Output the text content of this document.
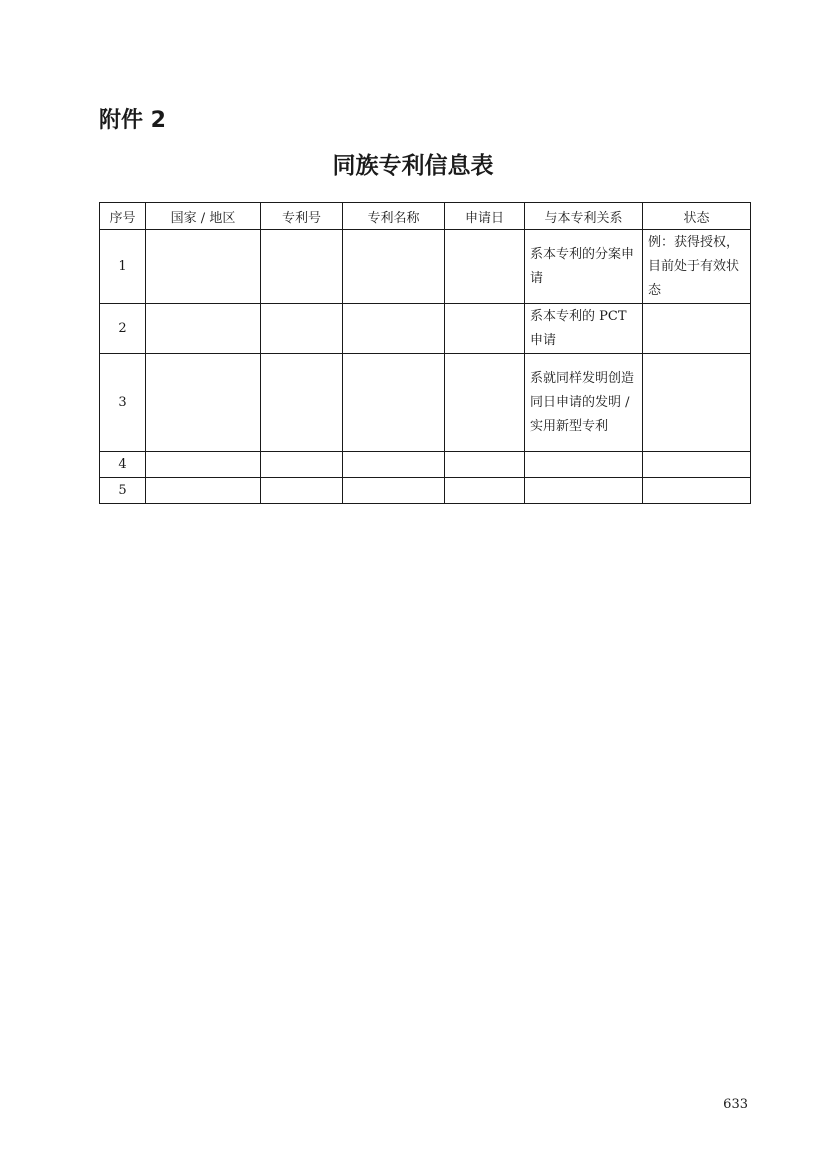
附件 2
同族专利信息表
序号	国家 / 地区	专利号	专利名称	申请日	与本专利关系	状态
1					系本专利的分案申请	例：获得授权，目前处于有效状态
2					系本专利的 PCT 申请	
3					系就同样发明创造同日申请的发明 / 实用新型专利	
4						
5						
633
